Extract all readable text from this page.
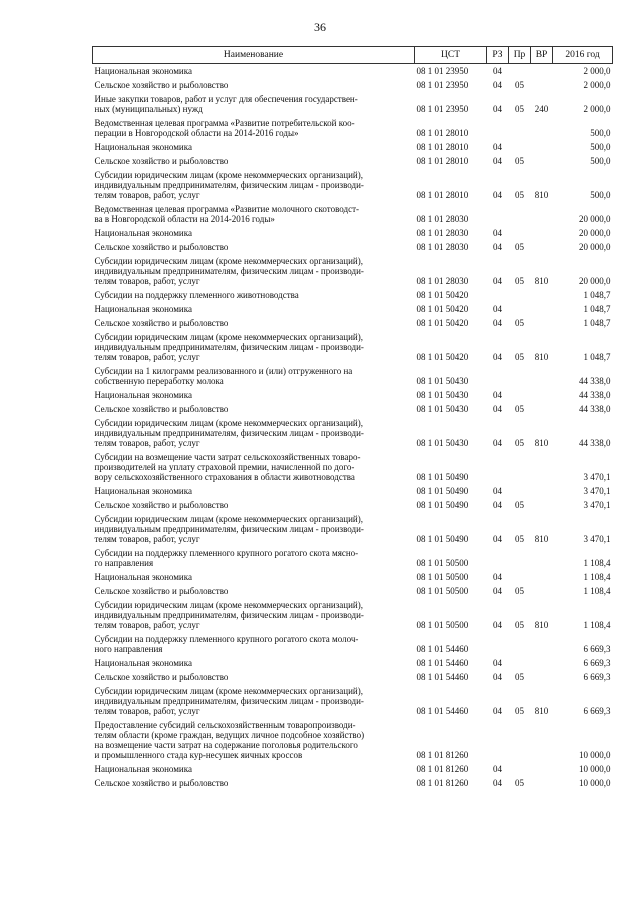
36
Наименование	ЦСТ	РЗ	Пр	ВР	2016 год
Национальная экономика	08 1 01 23950	04			2 000,0
Сельское хозяйство и рыболовство	08 1 01 23950	04	05		2 000,0
Иные закупки товаров, работ и услуг для обеспечения государствен-
ных (муниципальных) нужд	08 1 01 23950	04	05	240	2 000,0
Ведомственная целевая программа «Развитие потребительской коо-
перации в Новгородской области на 2014-2016 годы»	08 1 01 28010				500,0
Национальная экономика	08 1 01 28010	04			500,0
Сельское хозяйство и рыболовство	08 1 01 28010	04	05		500,0
Субсидии юридическим лицам (кроме некоммерческих организаций),
индивидуальным предпринимателям, физическим лицам - производи-
телям товаров, работ, услуг	08 1 01 28010	04	05	810	500,0
Ведомственная целевая программа «Развитие молочного скотоводст-
ва в Новгородской области на 2014-2016 годы»	08 1 01 28030				20 000,0
Национальная экономика	08 1 01 28030	04			20 000,0
Сельское хозяйство и рыболовство	08 1 01 28030	04	05		20 000,0
Субсидии юридическим лицам (кроме некоммерческих организаций),
индивидуальным предпринимателям, физическим лицам - производи-
телям товаров, работ, услуг	08 1 01 28030	04	05	810	20 000,0
Субсидии на поддержку племенного животноводства	08 1 01 50420				1 048,7
Национальная экономика	08 1 01 50420	04			1 048,7
Сельское хозяйство и рыболовство	08 1 01 50420	04	05		1 048,7
Субсидии юридическим лицам (кроме некоммерческих организаций),
индивидуальным предпринимателям, физическим лицам - производи-
телям товаров, работ, услуг	08 1 01 50420	04	05	810	1 048,7
Субсидии на 1 килограмм реализованного и (или) отгруженного на
собственную переработку молока	08 1 01 50430				44 338,0
Национальная экономика	08 1 01 50430	04			44 338,0
Сельское хозяйство и рыболовство	08 1 01 50430	04	05		44 338,0
Субсидии юридическим лицам (кроме некоммерческих организаций),
индивидуальным предпринимателям, физическим лицам - производи-
телям товаров, работ, услуг	08 1 01 50430	04	05	810	44 338,0
Субсидии на возмещение части затрат сельскохозяйственных товаро-
производителей на уплату страховой премии, начисленной по дого-
вору сельскохозяйственного страхования в области животноводства	08 1 01 50490				3 470,1
Национальная экономика	08 1 01 50490	04			3 470,1
Сельское хозяйство и рыболовство	08 1 01 50490	04	05		3 470,1
Субсидии юридическим лицам (кроме некоммерческих организаций),
индивидуальным предпринимателям, физическим лицам - производи-
телям товаров, работ, услуг	08 1 01 50490	04	05	810	3 470,1
Субсидии на поддержку племенного крупного рогатого скота мясно-
го направления	08 1 01 50500				1 108,4
Национальная экономика	08 1 01 50500	04			1 108,4
Сельское хозяйство и рыболовство	08 1 01 50500	04	05		1 108,4
Субсидии юридическим лицам (кроме некоммерческих организаций),
индивидуальным предпринимателям, физическим лицам - производи-
телям товаров, работ, услуг	08 1 01 50500	04	05	810	1 108,4
Субсидии на поддержку племенного крупного рогатого скота молоч-
ного направления	08 1 01 54460				6 669,3
Национальная экономика	08 1 01 54460	04			6 669,3
Сельское хозяйство и рыболовство	08 1 01 54460	04	05		6 669,3
Субсидии юридическим лицам (кроме некоммерческих организаций),
индивидуальным предпринимателям, физическим лицам - производи-
телям товаров, работ, услуг	08 1 01 54460	04	05	810	6 669,3
Предоставление субсидий сельскохозяйственным товаропроизводи-
телям области (кроме граждан, ведущих личное подсобное хозяйство)
на возмещение части затрат на содержание поголовья родительского
и промышленного стада кур-несушек яичных кроссов	08 1 01 81260				10 000,0
Национальная экономика	08 1 01 81260	04			10 000,0
Сельское хозяйство и рыболовство	08 1 01 81260	04	05		10 000,0
